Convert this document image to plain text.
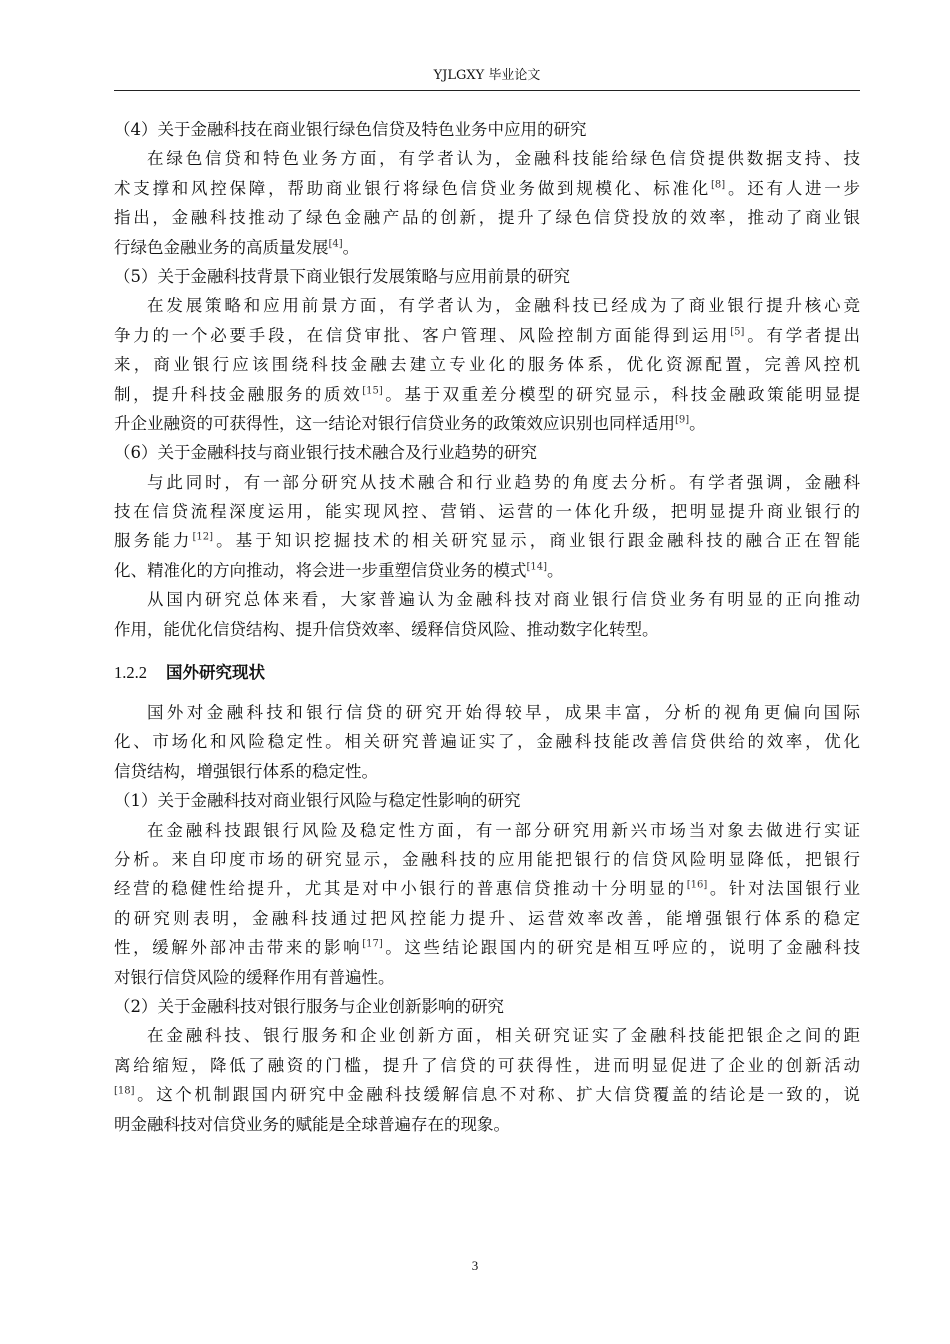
YJLGXY 毕业论文
（4）关于金融科技在商业银行绿色信贷及特色业务中应用的研究
在绿色信贷和特色业务方面，有学者认为，金融科技能给绿色信贷提供数据支持、技
术支撑和风控保障，帮助商业银行将绿色信贷业务做到规模化、标准化[8]。还有人进一步
指出，金融科技推动了绿色金融产品的创新，提升了绿色信贷投放的效率，推动了商业银
行绿色金融业务的高质量发展[4]。
（5）关于金融科技背景下商业银行发展策略与应用前景的研究
在发展策略和应用前景方面，有学者认为，金融科技已经成为了商业银行提升核心竞
争力的一个必要手段，在信贷审批、客户管理、风险控制方面能得到运用[5]。有学者提出
来，商业银行应该围绕科技金融去建立专业化的服务体系，优化资源配置，完善风控机
制，提升科技金融服务的质效[15]。基于双重差分模型的研究显示，科技金融政策能明显提
升企业融资的可获得性，这一结论对银行信贷业务的政策效应识别也同样适用[9]。
（6）关于金融科技与商业银行技术融合及行业趋势的研究
与此同时，有一部分研究从技术融合和行业趋势的角度去分析。有学者强调，金融科
技在信贷流程深度运用，能实现风控、营销、运营的一体化升级，把明显提升商业银行的
服务能力[12]。基于知识挖掘技术的相关研究显示，商业银行跟金融科技的融合正在智能
化、精准化的方向推动，将会进一步重塑信贷业务的模式[14]。
从国内研究总体来看，大家普遍认为金融科技对商业银行信贷业务有明显的正向推动
作用，能优化信贷结构、提升信贷效率、缓释信贷风险、推动数字化转型。
1.2.2 国外研究现状
国外对金融科技和银行信贷的研究开始得较早，成果丰富，分析的视角更偏向国际
化、市场化和风险稳定性。相关研究普遍证实了，金融科技能改善信贷供给的效率，优化
信贷结构，增强银行体系的稳定性。
（1）关于金融科技对商业银行风险与稳定性影响的研究
在金融科技跟银行风险及稳定性方面，有一部分研究用新兴市场当对象去做进行实证
分析。来自印度市场的研究显示，金融科技的应用能把银行的信贷风险明显降低，把银行
经营的稳健性给提升，尤其是对中小银行的普惠信贷推动十分明显的[16]。针对法国银行业
的研究则表明，金融科技通过把风控能力提升、运营效率改善，能增强银行体系的稳定
性，缓解外部冲击带来的影响[17]。这些结论跟国内的研究是相互呼应的，说明了金融科技
对银行信贷风险的缓释作用有普遍性。
（2）关于金融科技对银行服务与企业创新影响的研究
在金融科技、银行服务和企业创新方面，相关研究证实了金融科技能把银企之间的距
离给缩短，降低了融资的门槛，提升了信贷的可获得性，进而明显促进了企业的创新活动
[18]。这个机制跟国内研究中金融科技缓解信息不对称、扩大信贷覆盖的结论是一致的，说
明金融科技对信贷业务的赋能是全球普遍存在的现象。
3
